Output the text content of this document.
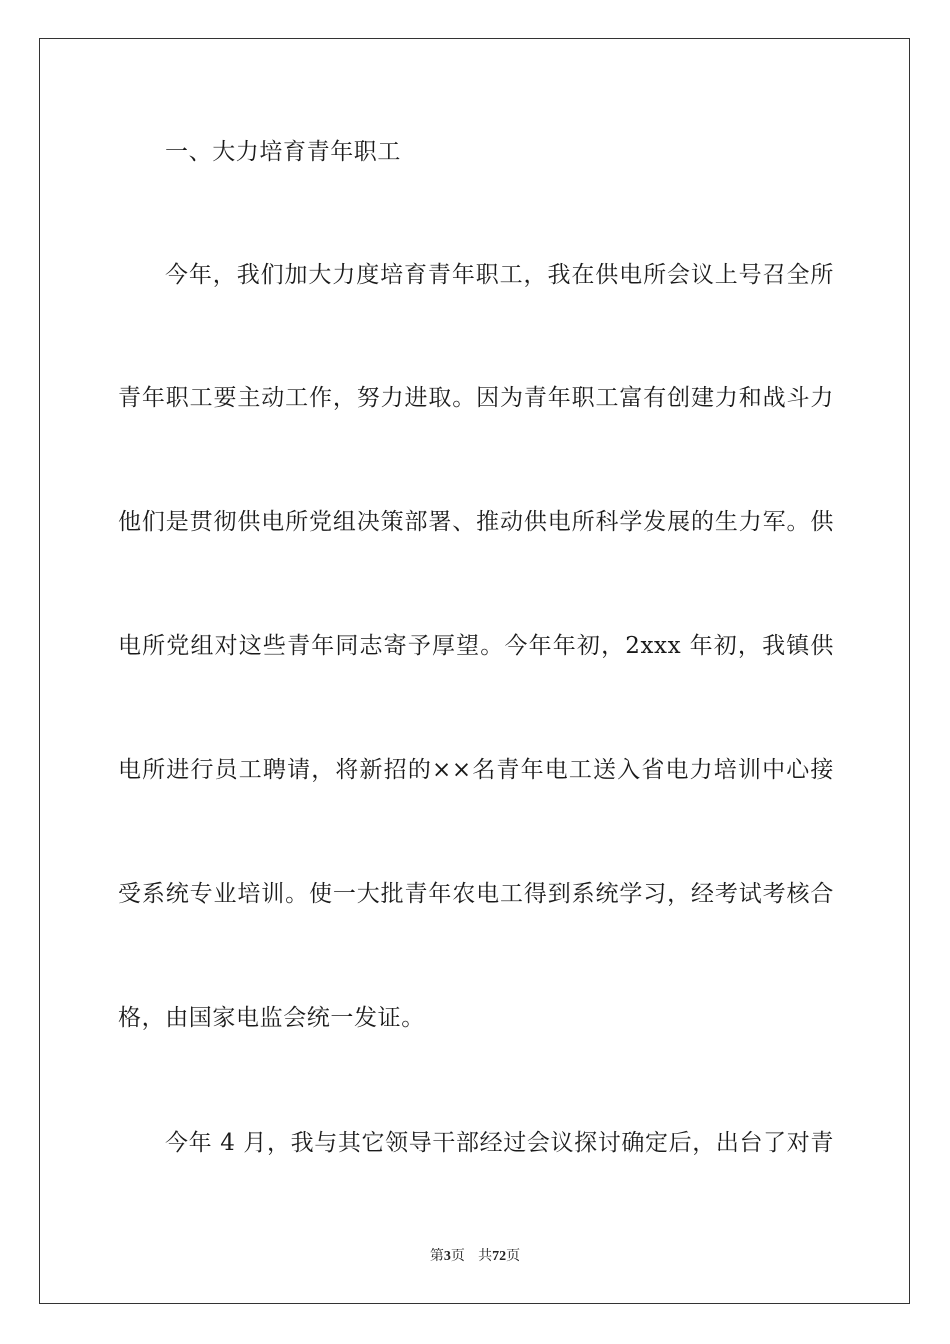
一、大力培育青年职工
今年，我们加大力度培育青年职工，我在供电所会议上号召全所
青年职工要主动工作，努力进取。因为青年职工富有创建力和战斗力
他们是贯彻供电所党组决策部署、推动供电所科学发展的生力军。供
电所党组对这些青年同志寄予厚望。今年年初，2xxx 年初，我镇供
电所进行员工聘请，将新招的××名青年电工送入省电力培训中心接
受系统专业培训。使一大批青年农电工得到系统学习，经考试考核合
格，由国家电监会统一发证。
今年 4 月，我与其它领导干部经过会议探讨确定后，出台了对青
第3页 共72页
